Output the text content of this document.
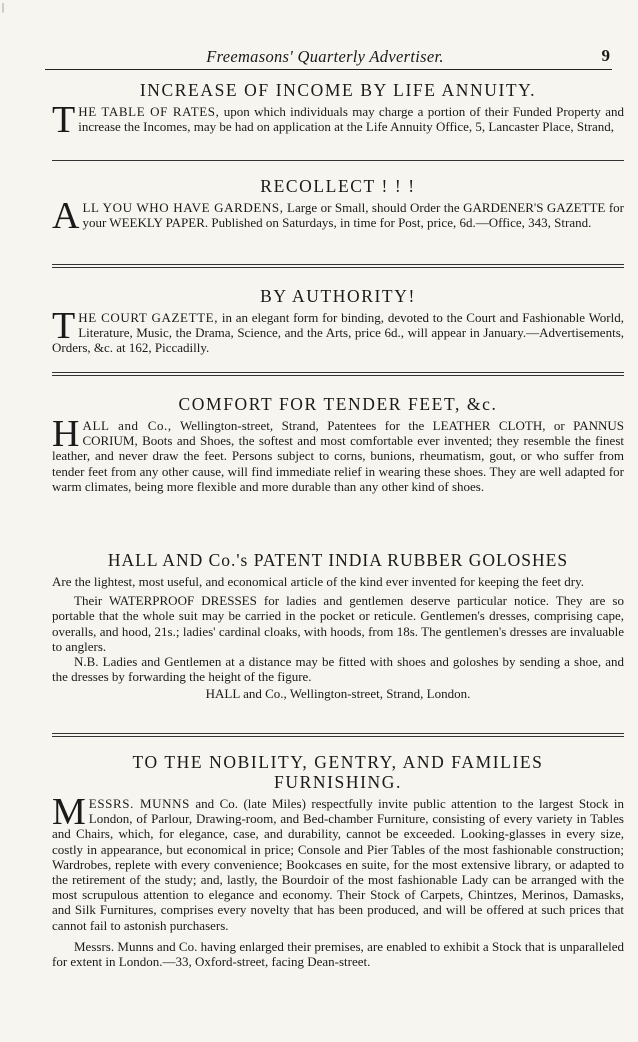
|
Freemasons' Quarterly Advertiser.	9
INCREASE OF INCOME BY LIFE ANNUITY.

THE TABLE OF RATES, upon which individuals may charge a portion of their Funded Property and increase the Incomes, may be had on application at the Life Annuity Office, 5, Lancaster Place, Strand,

RECOLLECT ! ! !

ALL YOU WHO HAVE GARDENS, Large or Small, should Order the GARDENER'S GAZETTE for your WEEKLY PAPER. Published on Saturdays, in time for Post, price, 6d.—Office, 343, Strand.

BY AUTHORITY!

THE COURT GAZETTE, in an elegant form for binding, devoted to the Court and Fashionable World, Literature, Music, the Drama, Science, and the Arts, price 6d., will appear in January.—Advertisements, Orders, &c. at 162, Piccadilly.

COMFORT FOR TENDER FEET, &c.

HALL and Co., Wellington-street, Strand, Patentees for the LEATHER CLOTH, or PANNUS CORIUM, Boots and Shoes, the softest and most comfortable ever invented; they resemble the finest leather, and never draw the feet. Persons subject to corns, bunions, rheumatism, gout, or who suffer from tender feet from any other cause, will find immediate relief in wearing these shoes. They are well adapted for warm climates, being more flexible and more durable than any other kind of shoes.

HALL AND Co.'s PATENT INDIA RUBBER GOLOSHES

Are the lightest, most useful, and economical article of the kind ever invented for keeping the feet dry.

Their WATERPROOF DRESSES for ladies and gentlemen deserve particular notice. They are so portable that the whole suit may be carried in the pocket or reticule. Gentlemen's dresses, comprising cape, overalls, and hood, 21s.; ladies' cardinal cloaks, with hoods, from 18s. The gentlemen's dresses are invaluable to anglers.

N.B. Ladies and Gentlemen at a distance may be fitted with shoes and goloshes by sending a shoe, and the dresses by forwarding the height of the figure.

HALL and Co., Wellington-street, Strand, London.
TO THE NOBILITY, GENTRY, AND FAMILIES
FURNISHING.

MESSRS. MUNNS and Co. (late Miles) respectfully invite public attention to the largest Stock in London, of Parlour, Drawing-room, and Bed-chamber Furniture, consisting of every variety in Tables and Chairs, which, for elegance, case, and durability, cannot be exceeded. Looking-glasses in every size, costly in appearance, but economical in price; Console and Pier Tables of the most fashionable construction; Wardrobes, replete with every convenience; Bookcases en suite, for the most extensive library, or adapted to the retirement of the study; and, lastly, the Bourdoir of the most fashionable Lady can be arranged with the most scrupulous attention to elegance and economy. Their Stock of Carpets, Chintzes, Merinos, Damasks, and Silk Furnitures, comprises every novelty that has been produced, and will be offered at such prices that cannot fail to astonish purchasers.

Messrs. Munns and Co. having enlarged their premises, are enabled to exhibit a Stock that is unparalleled for extent in London.—33, Oxford-street, facing Dean-street.
